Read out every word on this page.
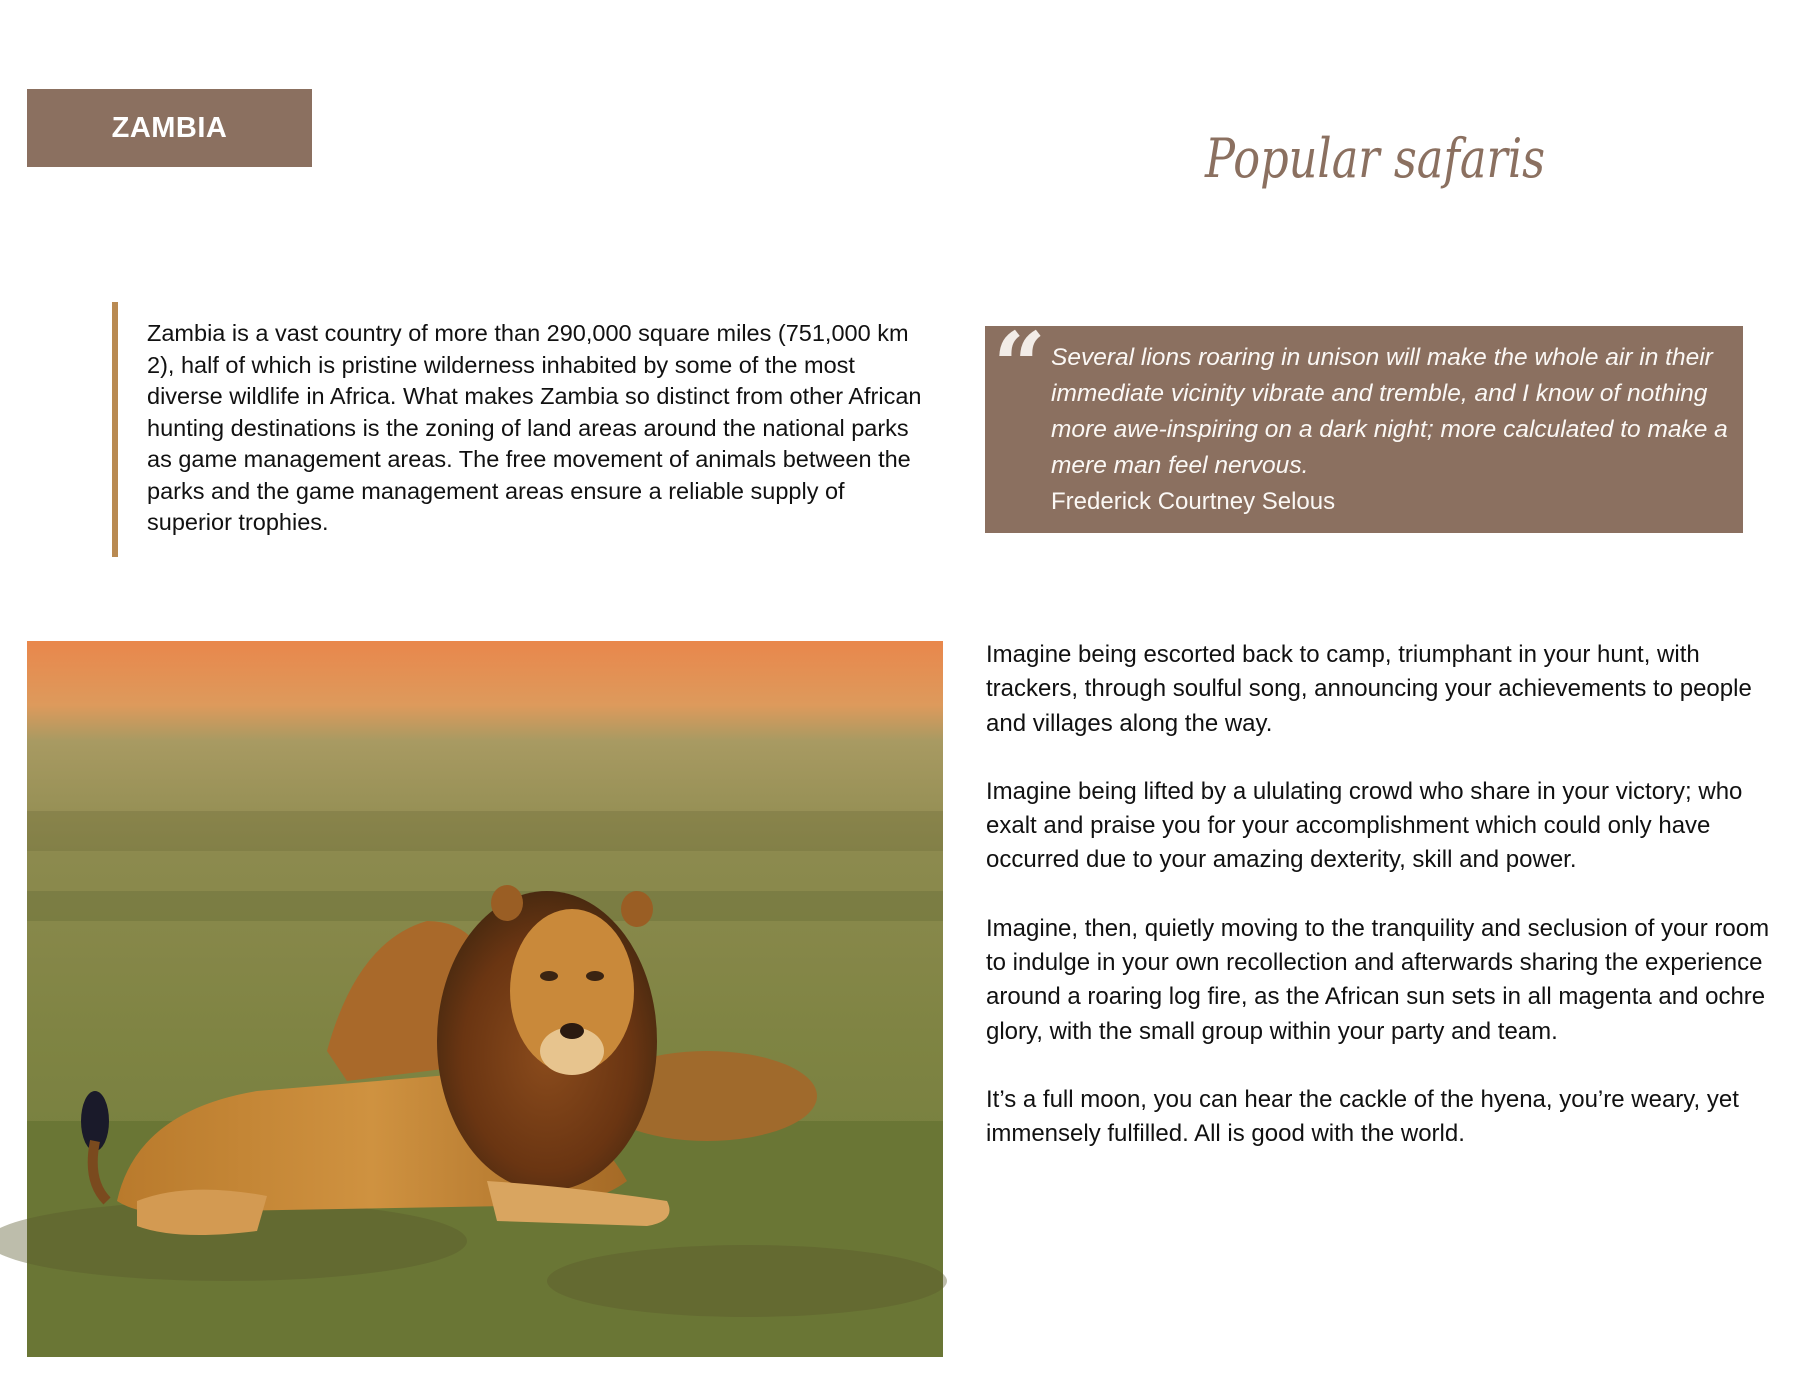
ZAMBIA	Popular safaris
Zambia is a vast country of more than 290,000 square miles (751,000 km 2), half of which is pristine wilderness inhabited by some of the most diverse wildlife in Africa. What makes Zambia so distinct from other African hunting destinations is the zoning of land areas around the national parks as game management areas. The free movement of animals between the parks and the game management areas ensure a reliable supply of superior trophies.
“ Several lions roaring in unison will make the whole air in their immediate vicinity vibrate and tremble, and I know of nothing more awe-inspiring on a dark night; more calculated to make a mere man feel nervous.
Frederick Courtney Selous

Imagine being escorted back to camp, triumphant in your hunt, with trackers, through soulful song, announcing your achievements to people and villages along the way.

Imagine being lifted by a ululating crowd who share in your victory; who exalt and praise you for your accomplishment which could only have occurred due to your amazing dexterity, skill and power.

Imagine, then, quietly moving to the tranquility and seclusion of your room to indulge in your own recollection and afterwards sharing the experience around a roaring log fire, as the African sun sets in all magenta and ochre glory, with the small group within your party and team.

It’s a full moon, you can hear the cackle of the hyena, you’re weary, yet immensely fulfilled. All is good with the world.
